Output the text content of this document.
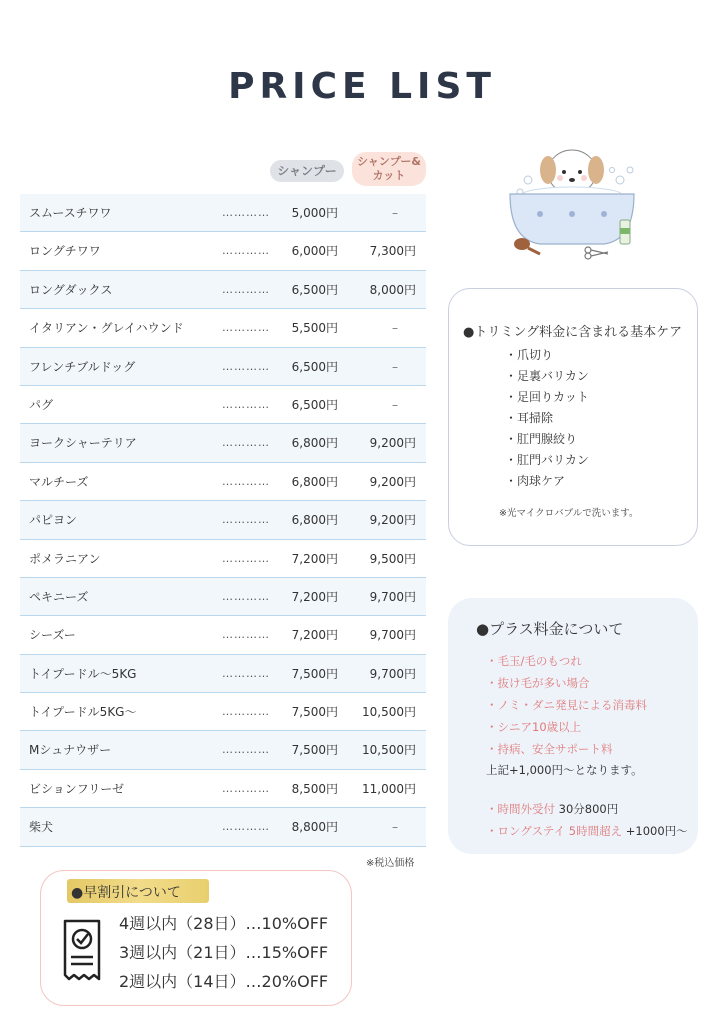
PRICE LIST
シャンプー
シャンプー&
カット
スムースチワワ	………… 5,000円	–
ロングチワワ	………… 6,000円	7,300円
ロングダックス	………… 6,500円	8,000円
イタリアン・グレイハウンド	………… 5,500円	–
フレンチブルドッグ	………… 6,500円	–
パグ	………… 6,500円	–
ヨークシャーテリア	………… 6,800円	9,200円
マルチーズ	………… 6,800円	9,200円
パピヨン	………… 6,800円	9,200円
ポメラニアン	………… 7,200円	9,500円
ペキニーズ	………… 7,200円	9,700円
シーズー	………… 7,200円	9,700円
トイプードル〜5KG	………… 7,500円	9,700円
トイプードル5KG〜	………… 7,500円 10,500円
Mシュナウザー	………… 7,500円 10,500円
ビションフリーゼ	………… 8,500円 11,000円
柴犬	………… 8,800円	–
※税込価格
●トリミング料金に含まれる基本ケア
・爪切り
・足裏バリカン
・足回りカット
・耳掃除
・肛門腺絞り
・肛門バリカン
・肉球ケア
※光マイクロバブルで洗います。
●プラス料金について
・毛玉/毛のもつれ
・抜け毛が多い場合
・ノミ・ダニ発見による消毒料
・シニア10歳以上
・持病、安全サポート料
上記+1,000円〜となります。
・時間外受付 30分800円
・ロングステイ 5時間超え +1000円〜
●早割引について
4週以内（28日）…10%OFF
3週以内（21日）…15%OFF
2週以内（14日）…20%OFF
